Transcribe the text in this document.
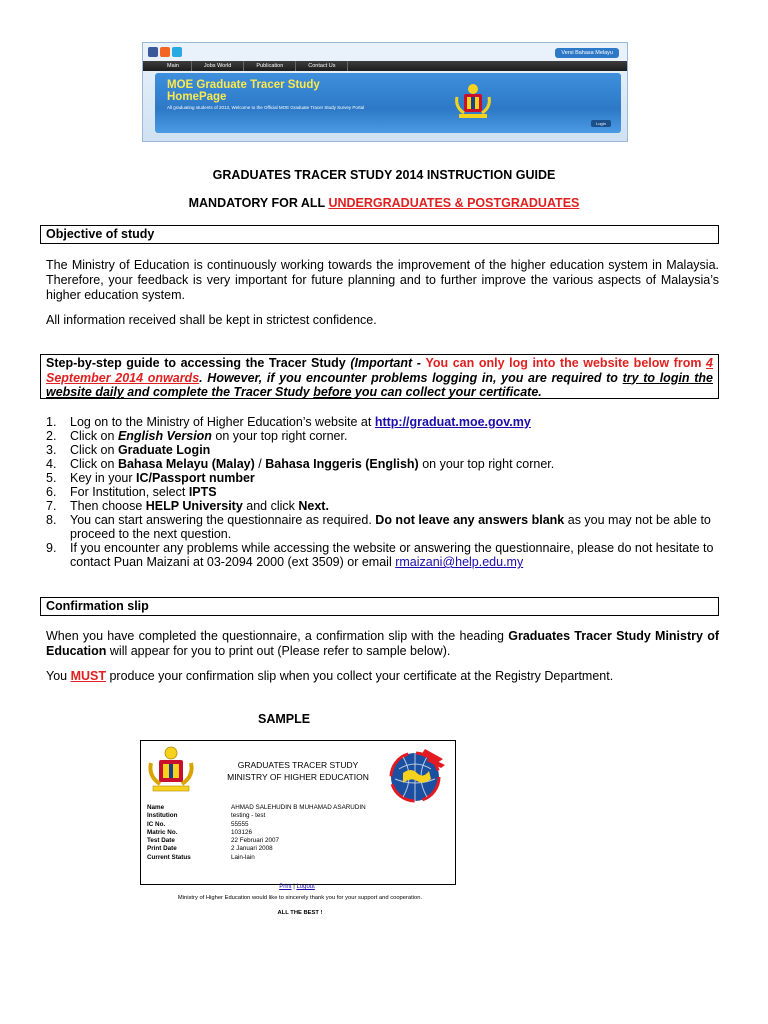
Versi Bahasa Melayu
Main	Jobs World	Publication	Contact Us
MOE Graduate Tracer Study HomePage
All graduating students of 2013, Welcome to the Official MOE Graduate Tracer Study Survey Portal
Login
GRADUATES TRACER STUDY 2014 INSTRUCTION GUIDE
MANDATORY FOR ALL UNDERGRADUATES & POSTGRADUATES
Objective of study
The Ministry of Education is continuously working towards the improvement of the higher education system in Malaysia. Therefore, your feedback is very important for future planning and to further improve the various aspects of Malaysia’s higher education system.
All information received shall be kept in strictest confidence.
Step-by-step guide to accessing the Tracer Study (Important - You can only log into the website below from 4 September 2014 onwards. However, if you encounter problems logging in, you are required to try to login the website daily and complete the Tracer Study before you can collect your certificate.
1. Log on to the Ministry of Higher Education’s website at http://graduat.moe.gov.my
2. Click on English Version on your top right corner.
3. Click on Graduate Login
4. Click on Bahasa Melayu (Malay) / Bahasa Inggeris (English) on your top right corner.
5. Key in your IC/Passport number
6. For Institution, select IPTS
7. Then choose HELP University and click Next.
8. You can start answering the questionnaire as required. Do not leave any answers blank as you may not be able to proceed to the next question.
9. If you encounter any problems while accessing the website or answering the questionnaire, please do not hesitate to contact Puan Maizani at 03-2094 2000 (ext 3509) or email rmaizani@help.edu.my
Confirmation slip
When you have completed the questionnaire, a confirmation slip with the heading Graduates Tracer Study Ministry of Education will appear for you to print out (Please refer to sample below).
You MUST produce your confirmation slip when you collect your certificate at the Registry Department.
SAMPLE
GRADUATES TRACER STUDY
MINISTRY OF HIGHER EDUCATION
Name	AHMAD SALEHUDIN B MUHAMAD ASARUDIN
Institution	testing - test
IC No.	55555
Matric No.	103126
Test Date	22 Februari 2007
Print Date	2 Januari 2008
Current Status	Lain-lain
Print | Logout
Ministry of Higher Education would like to sincerely thank you for your support and cooperation.
ALL THE BEST !
